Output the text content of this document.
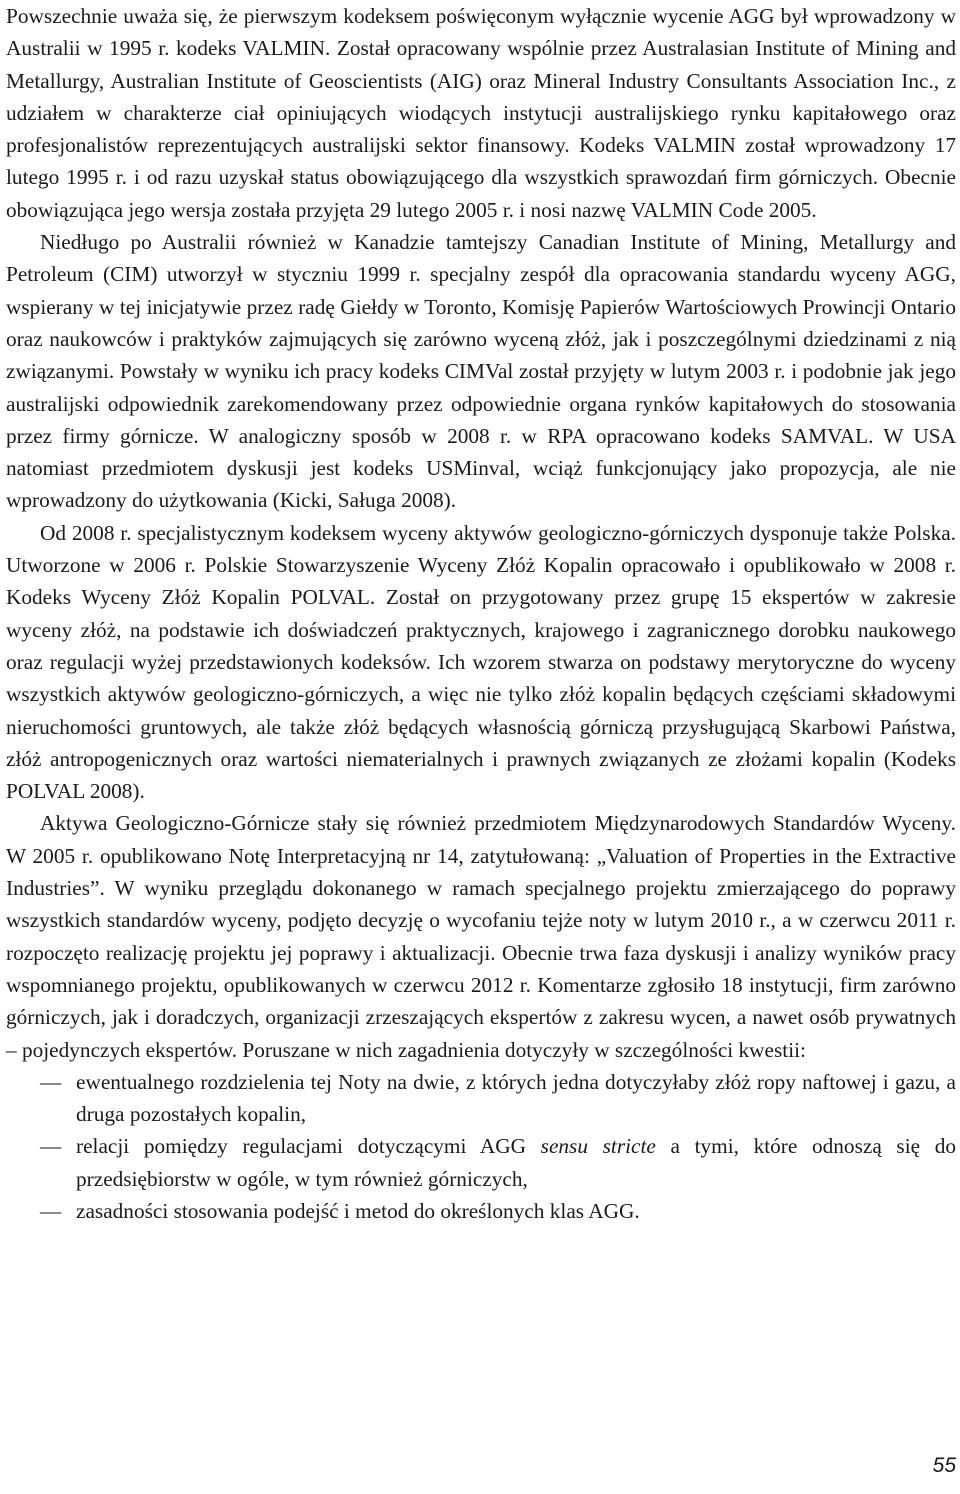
Powszechnie uważa się, że pierwszym kodeksem poświęconym wyłącznie wycenie AGG był wprowadzony w Australii w 1995 r. kodeks VALMIN. Został opracowany wspólnie przez Australasian Institute of Mining and Metallurgy, Australian Institute of Geoscientists (AIG) oraz Mineral Industry Consultants Association Inc., z udziałem w charakterze ciał opiniujących wiodących instytucji australijskiego rynku kapitałowego oraz profesjonalistów reprezentujących australijski sektor finansowy. Kodeks VALMIN został wprowadzony 17 lutego 1995 r. i od razu uzyskał status obowiązującego dla wszystkich sprawozdań firm górniczych. Obecnie obowiązująca jego wersja została przyjęta 29 lutego 2005 r. i nosi nazwę VALMIN Code 2005.

Niedługo po Australii również w Kanadzie tamtejszy Canadian Institute of Mining, Metallurgy and Petroleum (CIM) utworzył w styczniu 1999 r. specjalny zespół dla opracowania standardu wyceny AGG, wspierany w tej inicjatywie przez radę Giełdy w Toronto, Komisję Papierów Wartościowych Prowincji Ontario oraz naukowców i praktyków zajmujących się zarówno wyceną złóż, jak i poszczególnymi dziedzinami z nią związanymi. Powstały w wyniku ich pracy kodeks CIMVal został przyjęty w lutym 2003 r. i podobnie jak jego australijski odpowiednik zarekomendowany przez odpowiednie organa rynków kapitałowych do stosowania przez firmy górnicze. W analogiczny sposób w 2008 r. w RPA opracowano kodeks SAMVAL. W USA natomiast przedmiotem dyskusji jest kodeks USMinval, wciąż funkcjonujący jako propozycja, ale nie wprowadzony do użytkowania (Kicki, Saługa 2008).

Od 2008 r. specjalistycznym kodeksem wyceny aktywów geologiczno-górniczych dysponuje także Polska. Utworzone w 2006 r. Polskie Stowarzyszenie Wyceny Złóż Kopalin opracowało i opublikowało w 2008 r. Kodeks Wyceny Złóż Kopalin POLVAL. Został on przygotowany przez grupę 15 ekspertów w zakresie wyceny złóż, na podstawie ich doświadczeń praktycznych, krajowego i zagranicznego dorobku naukowego oraz regulacji wyżej przedstawionych kodeksów. Ich wzorem stwarza on podstawy merytoryczne do wyceny wszystkich aktywów geologiczno-górniczych, a więc nie tylko złóż kopalin będących częściami składowymi nieruchomości gruntowych, ale także złóż będących własnością górniczą przysługującą Skarbowi Państwa, złóż antropogenicznych oraz wartości niematerialnych i prawnych związanych ze złożami kopalin (Kodeks POLVAL 2008).

Aktywa Geologiczno-Górnicze stały się również przedmiotem Międzynarodowych Standardów Wyceny. W 2005 r. opublikowano Notę Interpretacyjną nr 14, zatytułowaną: „Valuation of Properties in the Extractive Industries”. W wyniku przeglądu dokonanego w ramach specjalnego projektu zmierzającego do poprawy wszystkich standardów wyceny, podjęto decyzję o wycofaniu tejże noty w lutym 2010 r., a w czerwcu 2011 r. rozpoczęto realizację projektu jej poprawy i aktualizacji. Obecnie trwa faza dyskusji i analizy wyników pracy wspomnianego projektu, opublikowanych w czerwcu 2012 r. Komentarze zgłosiło 18 instytucji, firm zarówno górniczych, jak i doradczych, organizacji zrzeszających ekspertów z zakresu wycen, a nawet osób prywatnych – pojedynczych ekspertów. Poruszane w nich zagadnienia dotyczyły w szczególności kwestii:

— ewentualnego rozdzielenia tej Noty na dwie, z których jedna dotyczyłaby złóż ropy naftowej i gazu, a druga pozostałych kopalin,
— relacji pomiędzy regulacjami dotyczącymi AGG sensu stricte a tymi, które odnoszą się do przedsiębiorstw w ogóle, w tym również górniczych,
— zasadności stosowania podejść i metod do określonych klas AGG.
55
